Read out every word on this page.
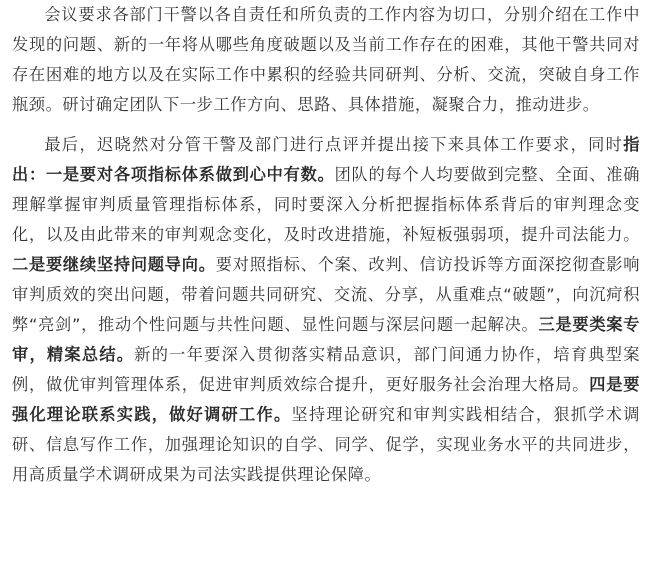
会议要求各部门干警以各自责任和所负责的工作内容为切口，分别介绍在工作中发现的问题、新的一年将从哪些角度破题以及当前工作存在的困难，其他干警共同对存在困难的地方以及在实际工作中累积的经验共同研判、分析、交流，突破自身工作瓶颈。研讨确定团队下一步工作方向、思路、具体措施，凝聚合力，推动进步。

最后，迟晓然对分管干警及部门进行点评并提出接下来具体工作要求，同时指出：一是要对各项指标体系做到心中有数。团队的每个人均要做到完整、全面、准确理解掌握审判质量管理指标体系，同时要深入分析把握指标体系背后的审判理念变化，以及由此带来的审判观念变化，及时改进措施，补短板强弱项，提升司法能力。 二是要继续坚持问题导向。要对照指标、个案、改判、信访投诉等方面深挖彻查影响审判质效的突出问题，带着问题共同研究、交流、分享，从重难点“破题”，向沉疴积弊“亮剑”，推动个性问题与共性问题、显性问题与深层问题一起解决。三是要类案专审，精案总结。新的一年要深入贯彻落实精品意识，部门间通力协作，培育典型案例，做优审判管理体系，促进审判质效综合提升，更好服务社会治理大格局。四是要强化理论联系实践，做好调研工作。坚持理论研究和审判实践相结合，狠抓学术调研、信息写作工作，加强理论知识的自学、同学、促学，实现业务水平的共同进步，用高质量学术调研成果为司法实践提供理论保障。
